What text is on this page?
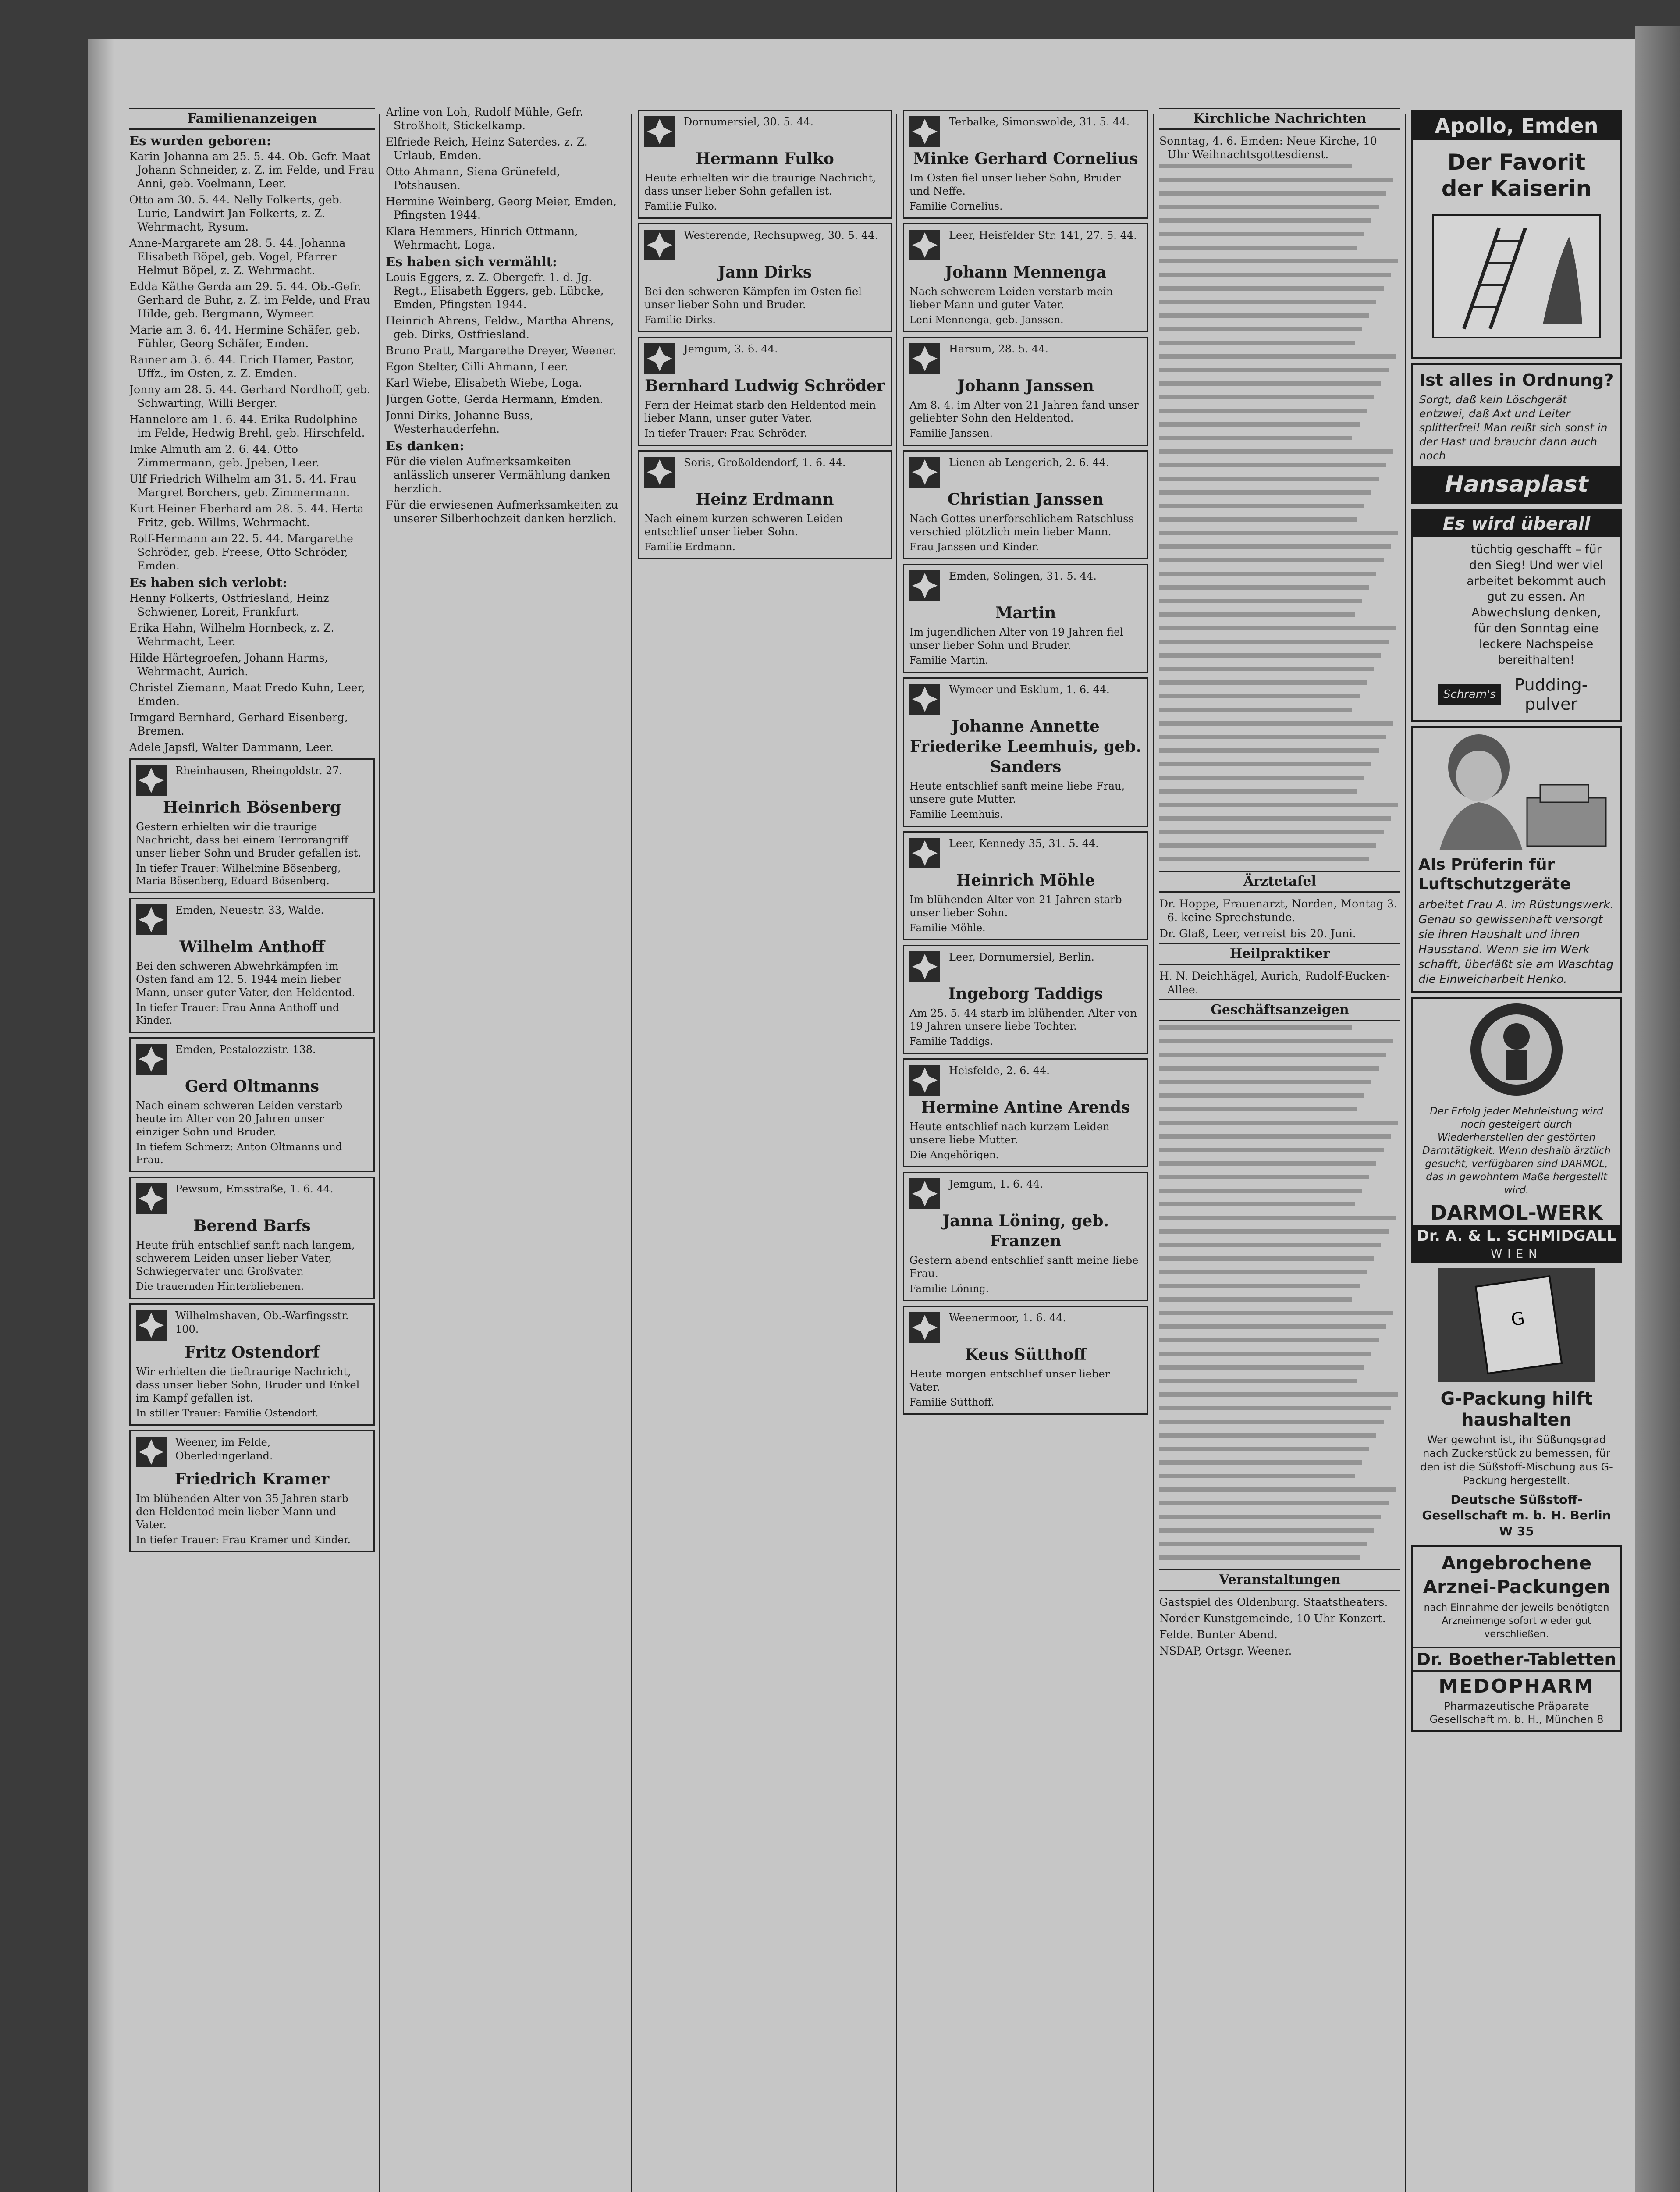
Familienanzeigen
Es wurden geboren:
Karin-Johanna am 25. 5. 44. Ob.-Gefr. Maat Johann Schneider, z. Z. im Felde, und Frau Anni, geb. Voelmann, Leer.
Otto am 30. 5. 44. Nelly Folkerts, geb. Lurie, Landwirt Jan Folkerts, z. Z. Wehrmacht, Rysum.
Anne-Margarete am 28. 5. 44. Johanna Elisabeth Böpel, geb. Vogel, Pfarrer Helmut Böpel, z. Z. Wehrmacht.
Edda Käthe Gerda am 29. 5. 44. Ob.-Gefr. Gerhard de Buhr, z. Z. im Felde, und Frau Hilde, geb. Bergmann, Wymeer.
Marie am 3. 6. 44. Hermine Schäfer, geb. Fühler, Georg Schäfer, Emden.
Rainer am 3. 6. 44. Erich Hamer, Pastor, Uffz., im Osten, z. Z. Emden.
Jonny am 28. 5. 44. Gerhard Nordhoff, geb. Schwarting, Willi Berger.
Hannelore am 1. 6. 44. Erika Rudolphine im Felde, Hedwig Brehl, geb. Hirschfeld.
Imke Almuth am 2. 6. 44. Otto Zimmermann, geb. Jpeben, Leer.
Ulf Friedrich Wilhelm am 31. 5. 44. Frau Margret Borchers, geb. Zimmermann.
Kurt Heiner Eberhard am 28. 5. 44. Herta Fritz, geb. Willms, Wehrmacht.
Rolf-Hermann am 22. 5. 44. Margarethe Schröder, geb. Freese, Otto Schröder, Emden.
Es haben sich verlobt:
Henny Folkerts, Ostfriesland, Heinz Schwiener, Loreit, Frankfurt.
Erika Hahn, Wilhelm Hornbeck, z. Z. Wehrmacht, Leer.
Hilde Härtegroefen, Johann Harms, Wehrmacht, Aurich.
Christel Ziemann, Maat Fredo Kuhn, Leer, Emden.
Irmgard Bernhard, Gerhard Eisenberg, Bremen.
Adele Japsfl, Walter Dammann, Leer.
Rheinhausen, Rheingoldstr. 27.
Heinrich Bösenberg
Gestern erhielten wir die traurige Nachricht, dass bei einem Terrorangriff unser lieber Sohn und Bruder gefallen ist.
In tiefer Trauer: Wilhelmine Bösenberg, Maria Bösenberg, Eduard Bösenberg.
Emden, Neuestr. 33, Walde.
Wilhelm Anthoff
Bei den schweren Abwehrkämpfen im Osten fand am 12. 5. 1944 mein lieber Mann, unser guter Vater, den Heldentod.
In tiefer Trauer: Frau Anna Anthoff und Kinder.
Emden, Pestalozzistr. 138.
Gerd Oltmanns
Nach einem schweren Leiden verstarb heute im Alter von 20 Jahren unser einziger Sohn und Bruder.
In tiefem Schmerz: Anton Oltmanns und Frau.
Pewsum, Emsstraße, 1. 6. 44.
Berend Barfs
Heute früh entschlief sanft nach langem, schwerem Leiden unser lieber Vater, Schwiegervater und Großvater.
Die trauernden Hinterbliebenen.
Wilhelmshaven, Ob.-Warfingsstr. 100.
Fritz Ostendorf
Wir erhielten die tieftraurige Nachricht, dass unser lieber Sohn, Bruder und Enkel im Kampf gefallen ist.
In stiller Trauer: Familie Ostendorf.
Weener, im Felde, Oberledingerland.
Friedrich Kramer
Im blühenden Alter von 35 Jahren starb den Heldentod mein lieber Mann und Vater.
In tiefer Trauer: Frau Kramer und Kinder.
Arline von Loh, Rudolf Mühle, Gefr. Stroßholt, Stickelkamp.
Elfriede Reich, Heinz Saterdes, z. Z. Urlaub, Emden.
Otto Ahmann, Siena Grünefeld, Potshausen.
Hermine Weinberg, Georg Meier, Emden, Pfingsten 1944.
Klara Hemmers, Hinrich Ottmann, Wehrmacht, Loga.
Es haben sich vermählt:
Louis Eggers, z. Z. Obergefr. 1. d. Jg.-Regt., Elisabeth Eggers, geb. Lübcke, Emden, Pfingsten 1944.
Heinrich Ahrens, Feldw., Martha Ahrens, geb. Dirks, Ostfriesland.
Bruno Pratt, Margarethe Dreyer, Weener.
Egon Stelter, Cilli Ahmann, Leer.
Karl Wiebe, Elisabeth Wiebe, Loga.
Jürgen Gotte, Gerda Hermann, Emden.
Jonni Dirks, Johanne Buss, Westerhauderfehn.
Es danken:
Für die vielen Aufmerksamkeiten anlässlich unserer Vermählung danken herzlich.
Für die erwiesenen Aufmerksamkeiten zu unserer Silberhochzeit danken herzlich.
Dornumersiel, 30. 5. 44.
Hermann Fulko
Heute erhielten wir die traurige Nachricht, dass unser lieber Sohn gefallen ist.
Familie Fulko.
Westerende, Rechsupweg, 30. 5. 44.
Jann Dirks
Bei den schweren Kämpfen im Osten fiel unser lieber Sohn und Bruder.
Familie Dirks.
Jemgum, 3. 6. 44.
Bernhard Ludwig Schröder
Fern der Heimat starb den Heldentod mein lieber Mann, unser guter Vater.
In tiefer Trauer: Frau Schröder.
Soris, Großoldendorf, 1. 6. 44.
Heinz Erdmann
Nach einem kurzen schweren Leiden entschlief unser lieber Sohn.
Familie Erdmann.
Terbalke, Simonswolde, 31. 5. 44.
Minke Gerhard Cornelius
Im Osten fiel unser lieber Sohn, Bruder und Neffe.
Familie Cornelius.
Leer, Heisfelder Str. 141, 27. 5. 44.
Johann Mennenga
Nach schwerem Leiden verstarb mein lieber Mann und guter Vater.
Leni Mennenga, geb. Janssen.
Harsum, 28. 5. 44.
Johann Janssen
Am 8. 4. im Alter von 21 Jahren fand unser geliebter Sohn den Heldentod.
Familie Janssen.
Lienen ab Lengerich, 2. 6. 44.
Christian Janssen
Nach Gottes unerforschlichem Ratschluss verschied plötzlich mein lieber Mann.
Frau Janssen und Kinder.
Emden, Solingen, 31. 5. 44.
Martin
Im jugendlichen Alter von 19 Jahren fiel unser lieber Sohn und Bruder.
Familie Martin.
Wymeer und Esklum, 1. 6. 44.
Johanne Annette Friederike Leemhuis, geb. Sanders
Heute entschlief sanft meine liebe Frau, unsere gute Mutter.
Familie Leemhuis.
Leer, Kennedy 35, 31. 5. 44.
Heinrich Möhle
Im blühenden Alter von 21 Jahren starb unser lieber Sohn.
Familie Möhle.
Leer, Dornumersiel, Berlin.
Ingeborg Taddigs
Am 25. 5. 44 starb im blühenden Alter von 19 Jahren unsere liebe Tochter.
Familie Taddigs.
Heisfelde, 2. 6. 44.
Hermine Antine Arends
Heute entschlief nach kurzem Leiden unsere liebe Mutter.
Die Angehörigen.
Jemgum, 1. 6. 44.
Janna Löning, geb. Franzen
Gestern abend entschlief sanft meine liebe Frau.
Familie Löning.
Weenermoor, 1. 6. 44.
Keus Sütthoff
Heute morgen entschlief unser lieber Vater.
Familie Sütthoff.
Kirchliche Nachrichten
Sonntag, 4. 6. Emden: Neue Kirche, 10 Uhr Weihnachtsgottesdienst.
Ärztetafel
Dr. Hoppe, Frauenarzt, Norden, Montag 3. 6. keine Sprechstunde.
Dr. Glaß, Leer, verreist bis 20. Juni.
Heilpraktiker
H. N. Deichhägel, Aurich, Rudolf-Eucken-Allee.
Geschäftsanzeigen
Veranstaltungen
Gastspiel des Oldenburg. Staatstheaters.
Norder Kunstgemeinde, 10 Uhr Konzert.
Felde. Bunter Abend.
NSDAP, Ortsgr. Weener.
Apollo, Emden
Der Favorit
der Kaiserin
Ist alles in Ordnung?
Sorgt, daß kein Löschgerät entzwei, daß Axt und Leiter splitterfrei! Man reißt sich sonst in der Hast und braucht dann auch noch
Hansaplast
Es wird überall
tüchtig geschafft – für den Sieg! Und wer viel arbeitet bekommt auch gut zu essen. An Abwechslung denken, für den Sonntag eine leckere Nachspeise bereithalten!
Schram's	Pudding-pulver
Als Prüferin für Luftschutzgeräte
arbeitet Frau A. im Rüstungswerk. Genau so gewissenhaft versorgt sie ihren Haushalt und ihren Hausstand. Wenn sie im Werk schafft, überläßt sie am Waschtag die Einweicharbeit Henko.
Der Erfolg jeder Mehrleistung wird noch gesteigert durch Wiederherstellen der gestörten Darmtätigkeit. Wenn deshalb ärztlich gesucht, verfügbaren sind DARMOL, das in gewohntem Maße hergestellt wird.
DARMOL-WERK
Dr. A. & L. SCHMIDGALL
WIEN
G
G-Packung hilft haushalten
Wer gewohnt ist, ihr Süßungsgrad nach Zuckerstück zu bemessen, für den ist die Süßstoff-Mischung aus G-Packung hergestellt.
Deutsche Süßstoff-Gesellschaft m. b. H. Berlin W 35
Angebrochene Arznei-Packungen
nach Einnahme der jeweils benötigten Arzneimenge sofort wieder gut verschließen.
Dr. Boether-Tabletten
MEDOPHARM
Pharmazeutische Präparate Gesellschaft m. b. H., München 8
